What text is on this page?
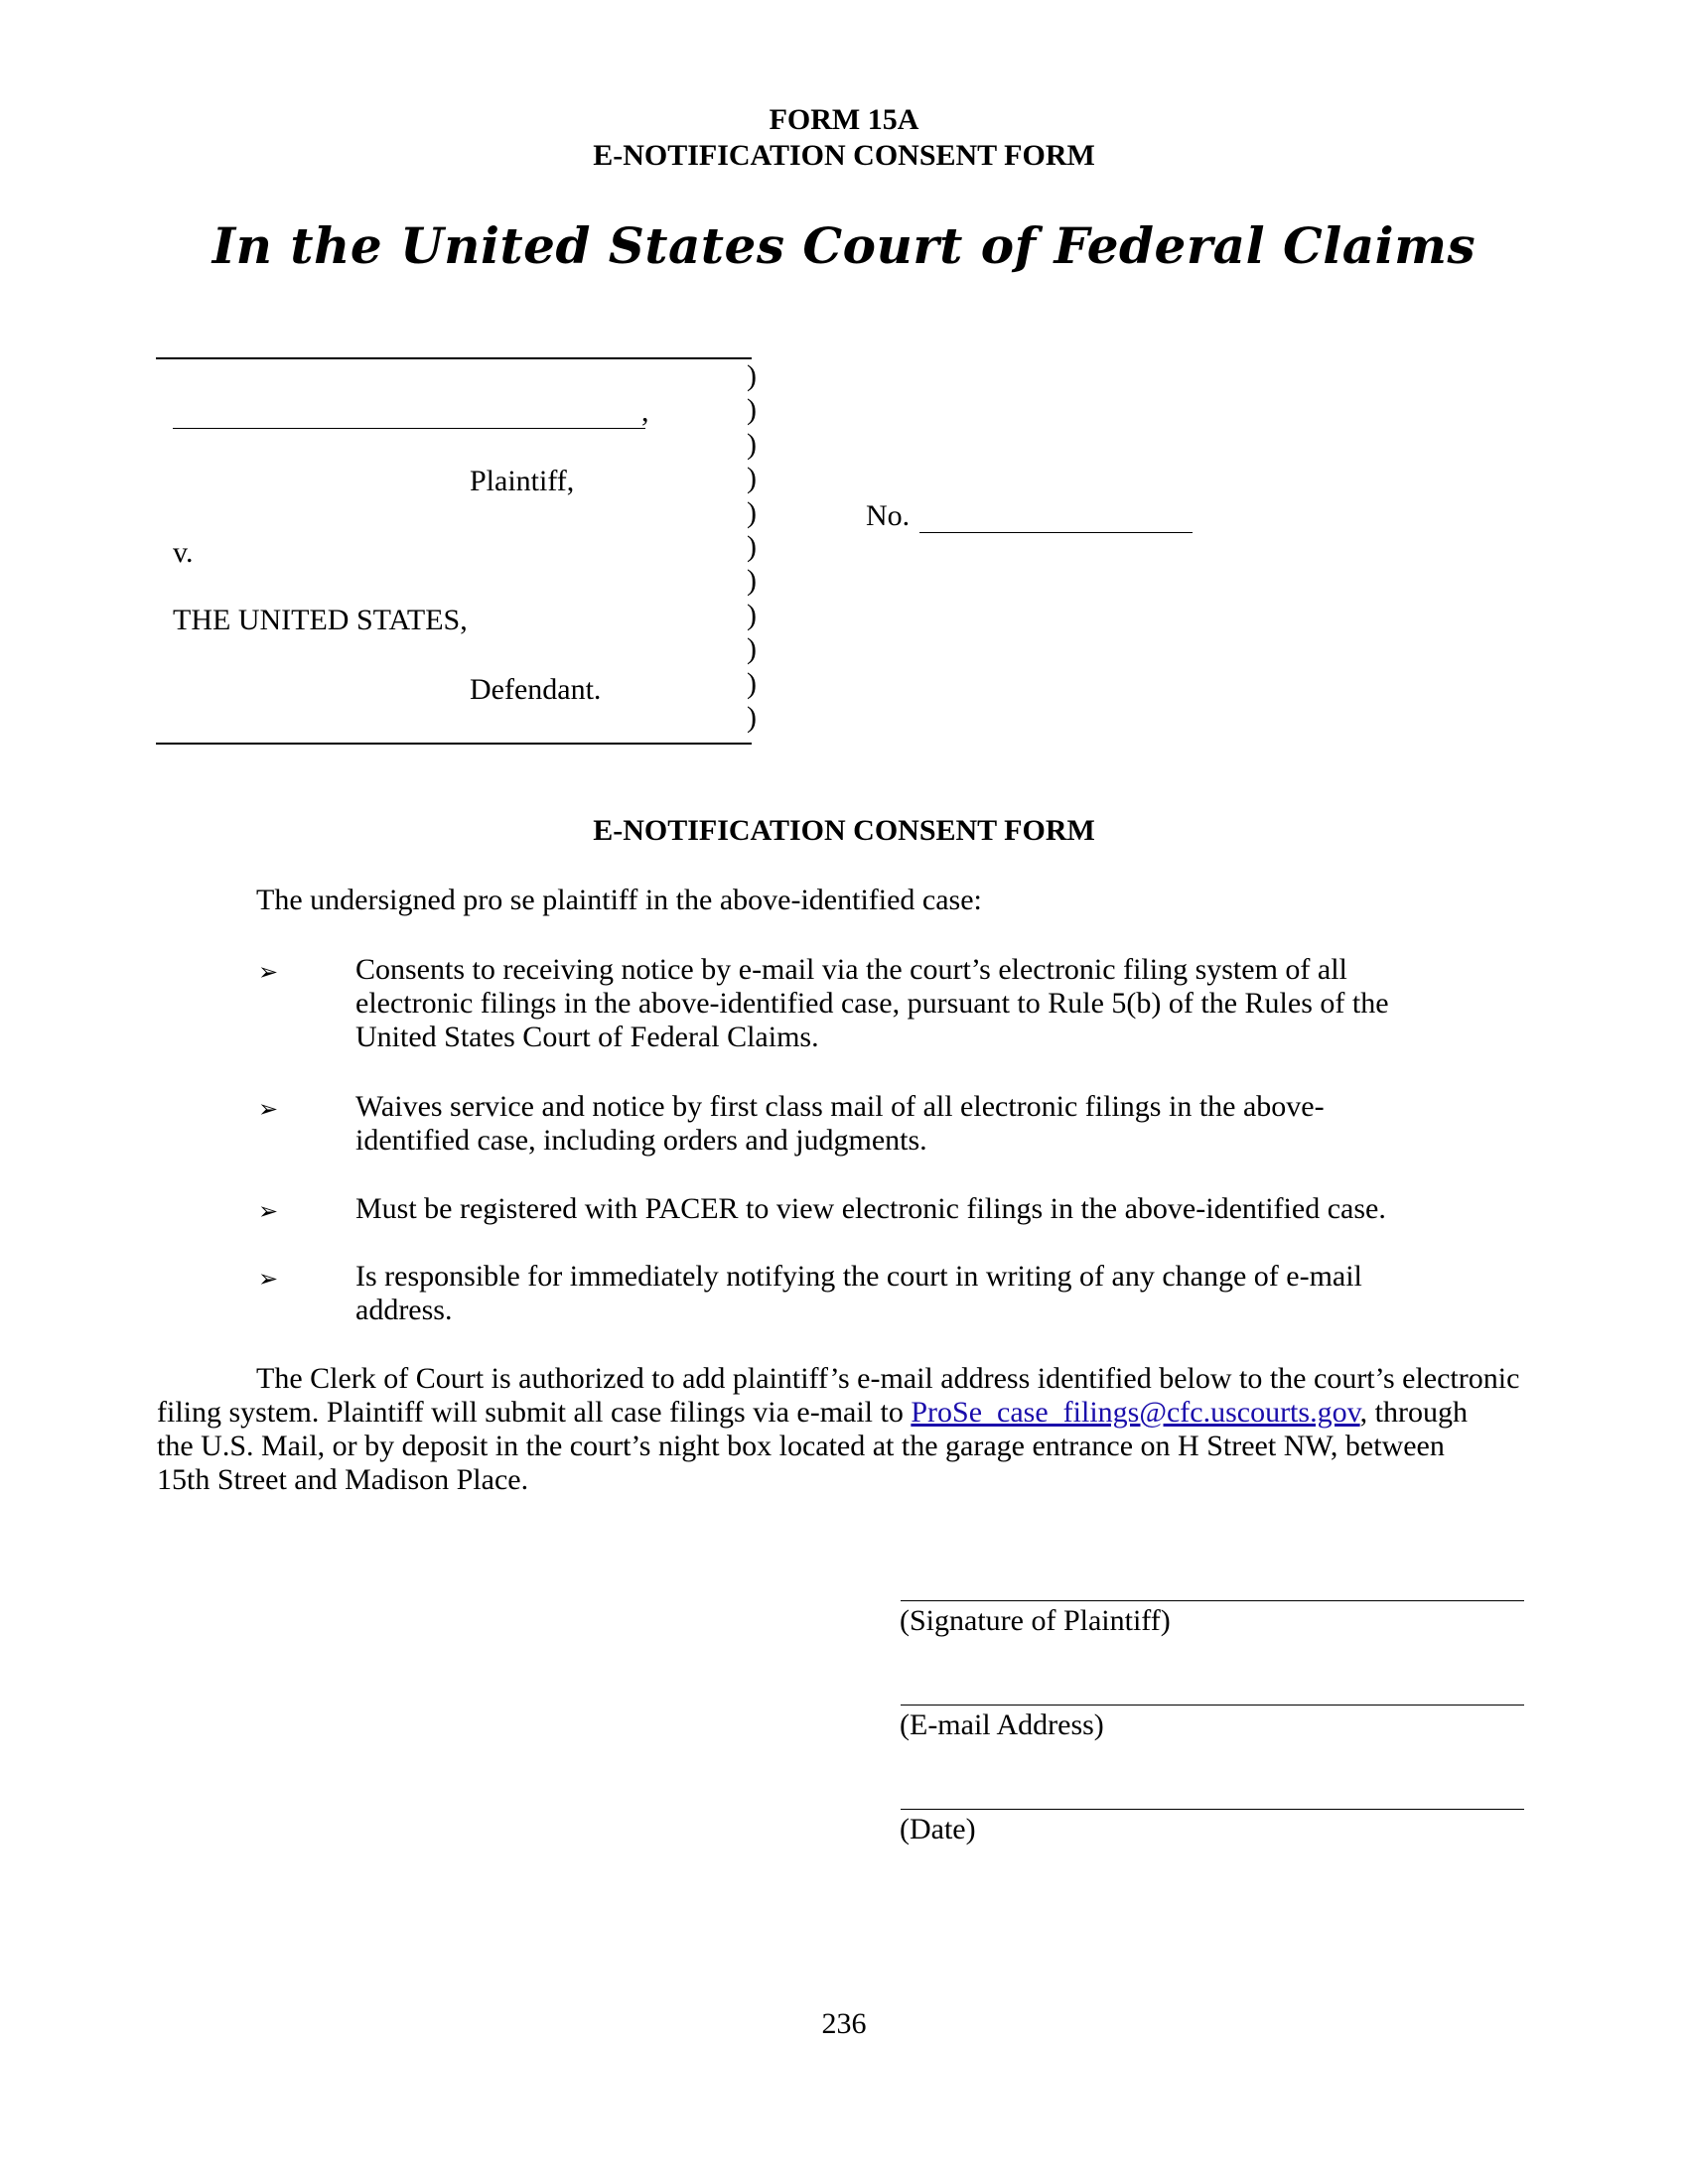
FORM 15A
E-NOTIFICATION CONSENT FORM
In the United States Court of Federal Claims
,
Plaintiff,
v.
THE UNITED STATES,
Defendant.
)
)
)
)
)
)
)
)
)
)
)
No.
E-NOTIFICATION CONSENT FORM
The undersigned pro se plaintiff in the above-identified case:
➢	Consents to receiving notice by e-mail via the court’s electronic filing system of all
electronic filings in the above-identified case, pursuant to Rule 5(b) of the Rules of the
United States Court of Federal Claims.
➢	Waives service and notice by first class mail of all electronic filings in the above-
identified case, including orders and judgments.
➢	Must be registered with PACER to view electronic filings in the above-identified case.
➢	Is responsible for immediately notifying the court in writing of any change of e-mail
address.
The Clerk of Court is authorized to add plaintiff’s e-mail address identified below to the court’s electronic
filing system. Plaintiff will submit all case filings via e-mail to ProSe_case_filings@cfc.uscourts.gov, through
the U.S. Mail, or by deposit in the court’s night box located at the garage entrance on H Street NW, between
15th Street and Madison Place.
(Signature of Plaintiff)
(E-mail Address)
(Date)
236
